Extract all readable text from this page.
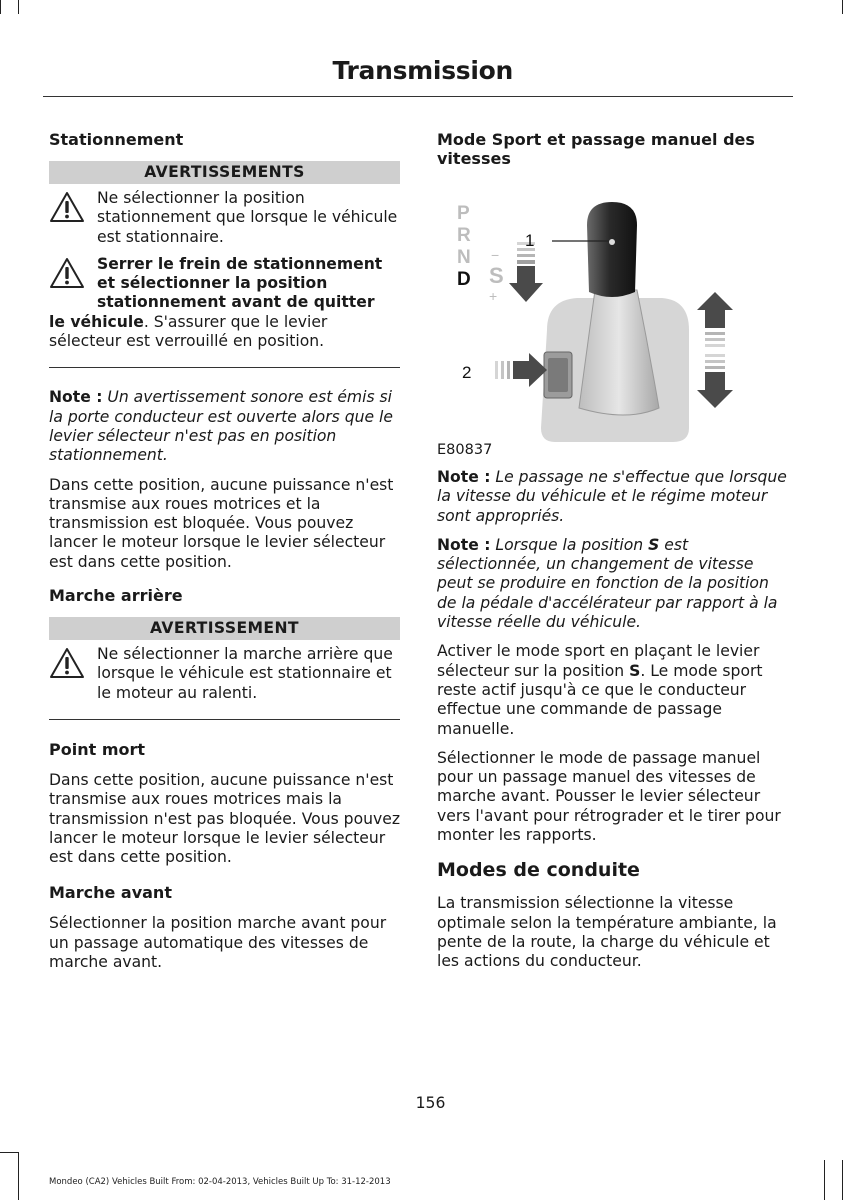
Transmission
Stationnement
AVERTISSEMENTS
Ne sélectionner la position stationnement que lorsque le véhicule est stationnaire.
Serrer le frein de stationnement et sélectionner la position stationnement avant de quitter
le véhicule. S'assurer que le levier sélecteur est verrouillé en position.

Note : Un avertissement sonore est émis si la porte conducteur est ouverte alors que le levier sélecteur n'est pas en position stationnement.

Dans cette position, aucune puissance n'est transmise aux roues motrices et la transmission est bloquée. Vous pouvez lancer le moteur lorsque le levier sélecteur est dans cette position.

Marche arrière
AVERTISSEMENT
Ne sélectionner la marche arrière que lorsque le véhicule est stationnaire et le moteur au ralenti.
Point mort

Dans cette position, aucune puissance n'est transmise aux roues motrices mais la transmission n'est pas bloquée. Vous pouvez lancer le moteur lorsque le levier sélecteur est dans cette position.

Marche avant

Sélectionner la position marche avant pour un passage automatique des vitesses de marche avant.

Mode Sport et passage manuel des vitesses
P
R
N
D S
−
+
1
2
E80837

Note : Le passage ne s'effectue que lorsque la vitesse du véhicule et le régime moteur sont appropriés.

Note : Lorsque la position S est sélectionnée, un changement de vitesse peut se produire en fonction de la position de la pédale d'accélérateur par rapport à la vitesse réelle du véhicule.

Activer le mode sport en plaçant le levier sélecteur sur la position S. Le mode sport reste actif jusqu'à ce que le conducteur effectue une commande de passage manuelle.

Sélectionner le mode de passage manuel pour un passage manuel des vitesses de marche avant. Pousser le levier sélecteur vers l'avant pour rétrograder et le tirer pour monter les rapports.

Modes de conduite

La transmission sélectionne la vitesse optimale selon la température ambiante, la pente de la route, la charge du véhicule et les actions du conducteur.

156
Mondeo (CA2) Vehicles Built From: 02-04-2013, Vehicles Built Up To: 31-12-2013
